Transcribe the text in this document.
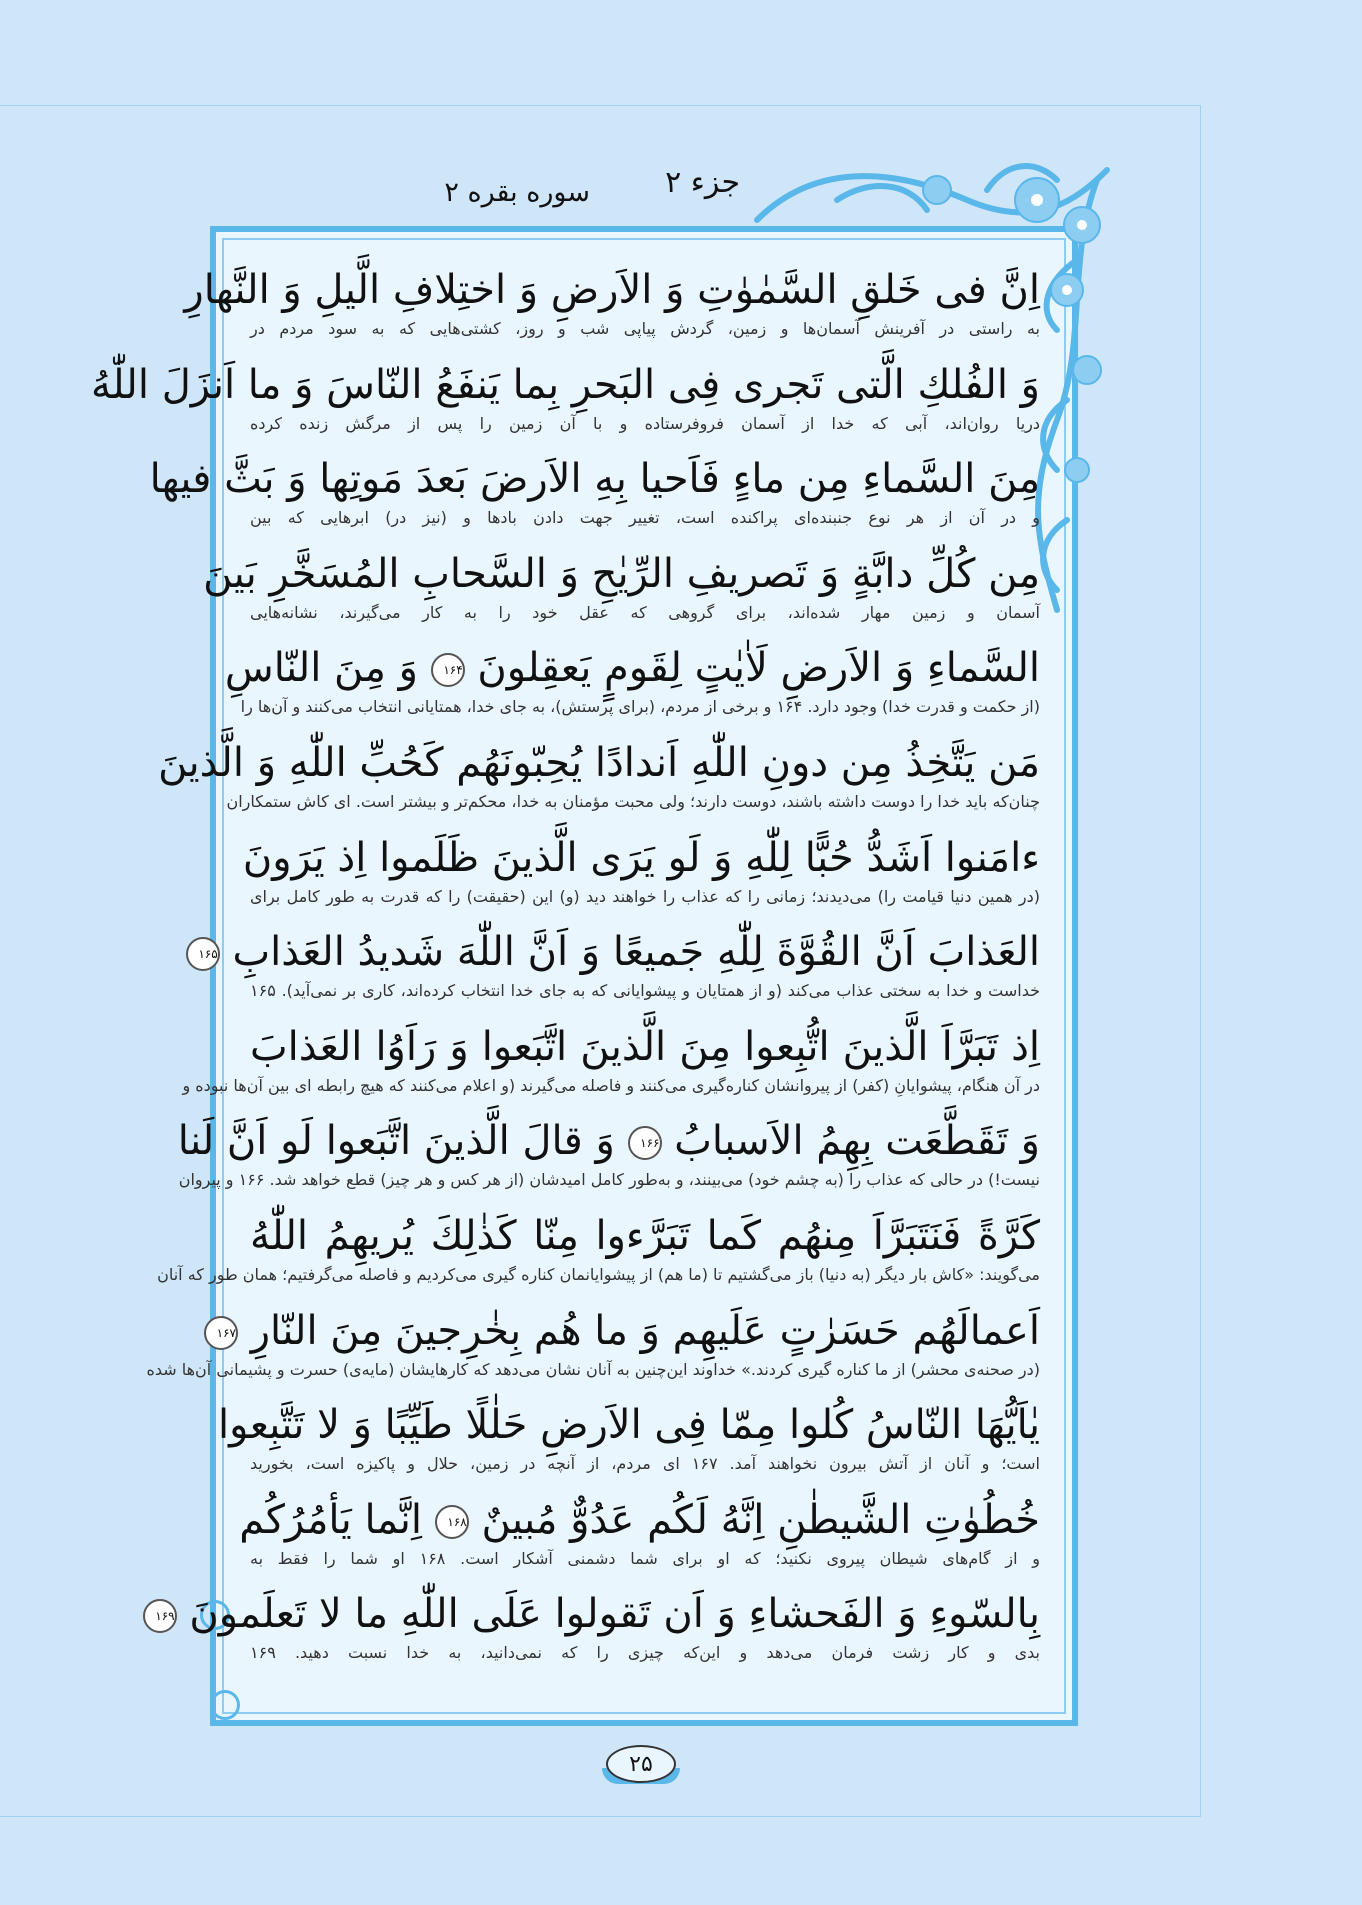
جزء ۲
سوره بقره ۲
اِنَّ فی خَلقِ السَّمٰوٰتِ وَ الاَرضِ وَ اختِلافِ الَّیلِ وَ النَّهارِ
به راستی در آفرینش آسمان‌ها و زمین، گردش پیاپی شب و روز، کشتی‌هایی که به سود مردم در
وَ الفُلكِ الَّتی تَجری فِی البَحرِ بِما یَنفَعُ النّاسَ وَ ما اَنزَلَ اللّٰهُ
دریا روان‌اند، آبی که خدا از آسمان فروفرستاده و با آن زمین را پس از مرگش زنده کرده
مِنَ السَّماءِ مِن ماءٍ فَاَحیا بِهِ الاَرضَ بَعدَ مَوتِها وَ بَثَّ فیها
و در آن از هر نوع جنبنده‌ای پراکنده است، تغییر جهت دادن بادها و (نیز در) ابرهایی که بین
مِن كُلِّ دابَّةٍ وَ تَصریفِ الرِّیٰحِ وَ السَّحابِ المُسَخَّرِ بَینَ
آسمان و زمین مهار شده‌اند، برای گروهی که عقل خود را به کار می‌گیرند، نشانه‌هایی
السَّماءِ وَ الاَرضِ لَاٰیٰتٍ لِقَومٍ یَعقِلونَ ۱۶۴ وَ مِنَ النّاسِ
(از حکمت و قدرت خدا) وجود دارد. ۱۶۴ و برخی از مردم، (برای پرستش)، به جای خدا، همتایانی انتخاب می‌کنند و آن‌ها را
مَن یَتَّخِذُ مِن دونِ اللّٰهِ اَندادًا یُحِبّونَهُم كَحُبِّ اللّٰهِ وَ الَّذینَ
چنان‌که باید خدا را دوست داشته باشند، دوست دارند؛ ولی محبت مؤمنان به خدا، محکم‌تر و بیشتر است. ای کاش ستمکاران
ءامَنوا اَشَدُّ حُبًّا لِلّٰهِ وَ لَو یَرَی الَّذینَ ظَلَموا اِذ یَرَونَ
(در همین دنیا قیامت را) می‌دیدند؛ زمانی را که عذاب را خواهند دید (و) این (حقیقت) را که قدرت به طور کامل برای
العَذابَ اَنَّ القُوَّةَ لِلّٰهِ جَمیعًا وَ اَنَّ اللّٰهَ شَدیدُ العَذابِ ۱۶۵
خداست و خدا به سختی عذاب می‌کند (و از همتایان و پیشوایانی که به جای خدا انتخاب کرده‌اند، کاری بر نمی‌آید). ۱۶۵
اِذ تَبَرَّاَ الَّذینَ اتُّبِعوا مِنَ الَّذینَ اتَّبَعوا وَ رَاَوُا العَذابَ
در آن هنگام، پیشوایانِ (کفر) از پیروانشان کناره‌گیری می‌کنند و فاصله می‌گیرند (و اعلام می‌کنند که هیچ رابطه ای بین آن‌ها نبوده و
وَ تَقَطَّعَت بِهِمُ الاَسبابُ ۱۶۶ وَ قالَ الَّذینَ اتَّبَعوا لَو اَنَّ لَنا
نیست!) در حالی که عذاب را (به چشم خود) می‌بینند، و به‌طور کامل امیدشان (از هر کس و هر چیز) قطع خواهد شد. ۱۶۶ و پیروان
كَرَّةً فَنَتَبَرَّاَ مِنهُم كَما تَبَرَّءوا مِنّا كَذٰلِكَ یُریهِمُ اللّٰهُ
می‌گویند: «کاش بار دیگر (به دنیا) باز می‌گشتیم تا (ما هم) از پیشوایانمان کناره گیری می‌کردیم و فاصله می‌گرفتیم؛ همان طور که آنان
اَعمالَهُم حَسَرٰتٍ عَلَیهِم وَ ما هُم بِخٰرِجینَ مِنَ النّارِ ۱۶۷
(در صحنه‌ی محشر) از ما کناره گیری کردند.» خداوند این‌چنین به آنان نشان می‌دهد که کارهایشان (مایه‌ی) حسرت و پشیمانی آن‌ها شده
یٰاَیُّهَا النّاسُ كُلوا مِمّا فِی الاَرضِ حَلٰلًا طَیِّبًا وَ لا تَتَّبِعوا
است؛ و آنان از آتش بیرون نخواهند آمد. ۱۶۷ ای مردم، از آنچه در زمین، حلال و پاکیزه است، بخورید
خُطُوٰتِ الشَّیطٰنِ اِنَّهُ لَكُم عَدُوٌّ مُبینٌ ۱۶۸ اِنَّما یَأمُرُكُم
و از گام‌های شیطان پیروی نکنید؛ که او برای شما دشمنی آشکار است. ۱۶۸ او شما را فقط به
بِالسّوءِ وَ الفَحشاءِ وَ اَن تَقولوا عَلَی اللّٰهِ ما لا تَعلَمونَ ۱۶۹
بدی و کار زشت فرمان می‌دهد و این‌که چیزی را که نمی‌دانید، به خدا نسبت دهید. ۱۶۹
۲۵
